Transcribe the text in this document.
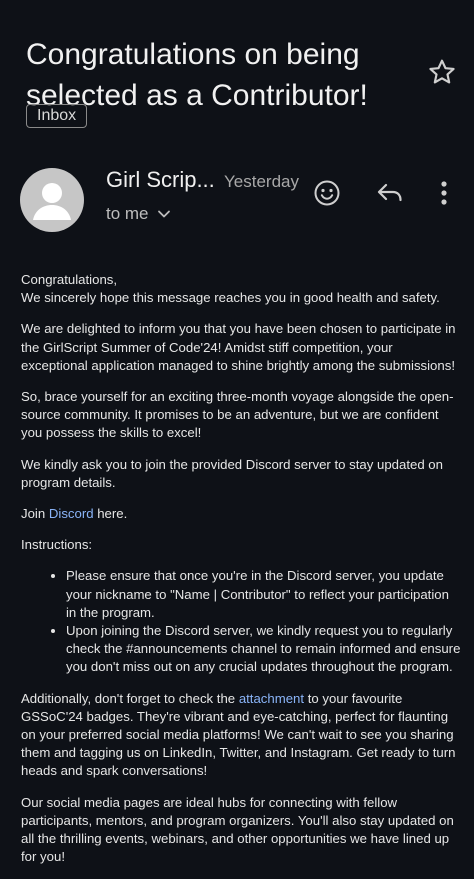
Congratulations on being selected as a Contributor!
Inbox
Girl Scrip... Yesterday
to me

Congratulations,

We sincerely hope this message reaches you in good health and safety.

We are delighted to inform you that you have been chosen to participate in the GirlScript Summer of Code'24! Amidst stiff competition, your exceptional application managed to shine brightly among the submissions!

So, brace yourself for an exciting three-month voyage alongside the open-source community. It promises to be an adventure, but we are confident you possess the skills to excel!

We kindly ask you to join the provided Discord server to stay updated on program details.

Join Discord here.

Instructions:

• Please ensure that once you're in the Discord server, you update your nickname to "Name | Contributor" to reflect your participation in the program.
• Upon joining the Discord server, we kindly request you to regularly check the #announcements channel to remain informed and ensure you don't miss out on any crucial updates throughout the program.

Additionally, don't forget to check the attachment to your favourite GSSoC'24 badges. They're vibrant and eye-catching, perfect for flaunting on your preferred social media platforms! We can't wait to see you sharing them and tagging us on LinkedIn, Twitter, and Instagram. Get ready to turn heads and spark conversations!

Our social media pages are ideal hubs for connecting with fellow participants, mentors, and program organizers. You'll also stay updated on all the thrilling events, webinars, and other opportunities we have lined up for you!
